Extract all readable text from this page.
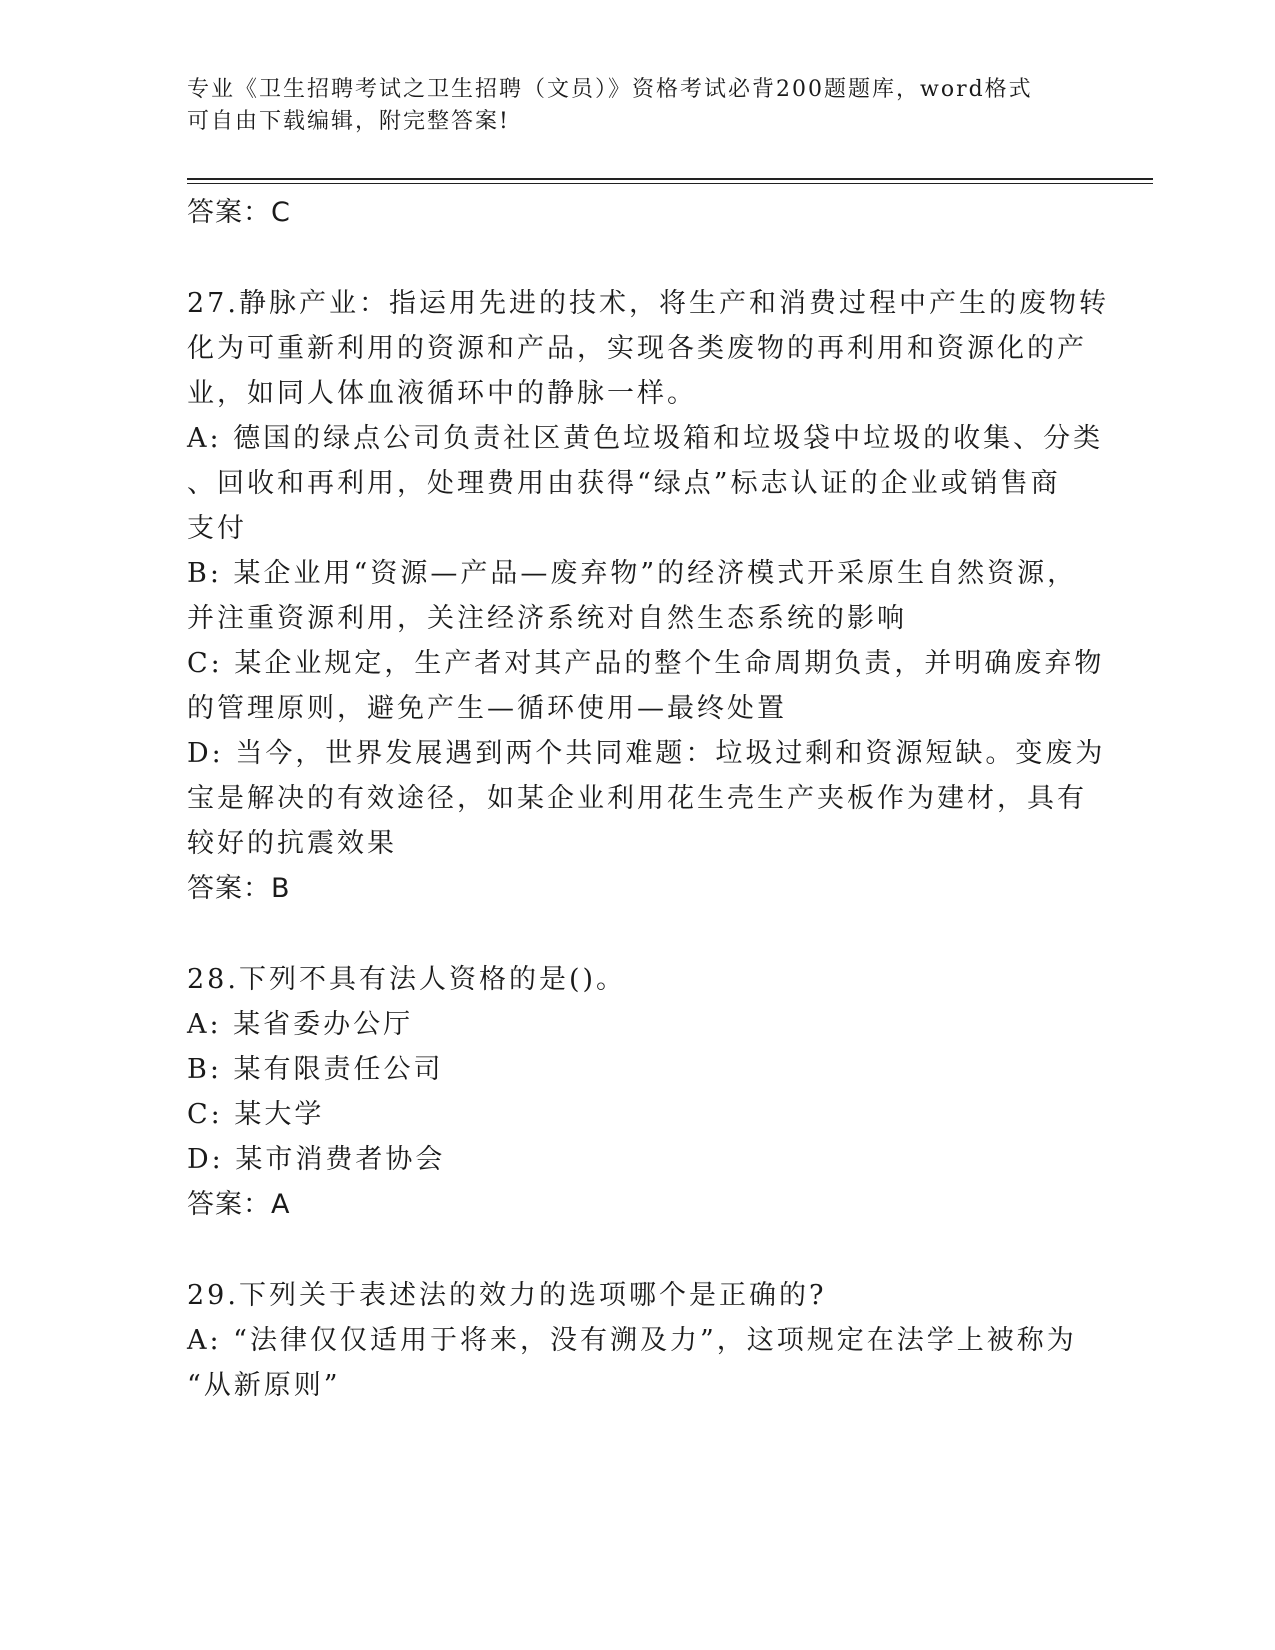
专业《卫生招聘考试之卫生招聘（文员）》资格考试必背200题题库，word格式
可自由下载编辑，附完整答案!
答案：C
27.静脉产业：指运用先进的技术，将生产和消费过程中产生的废物转
化为可重新利用的资源和产品，实现各类废物的再利用和资源化的产
业，如同人体血液循环中的静脉一样。
A: 德国的绿点公司负责社区黄色垃圾箱和垃圾袋中垃圾的收集、分类
、回收和再利用，处理费用由获得“绿点”标志认证的企业或销售商
支付
B: 某企业用“资源—产品—废弃物”的经济模式开采原生自然资源，
并注重资源利用，关注经济系统对自然生态系统的影响
C: 某企业规定，生产者对其产品的整个生命周期负责，并明确废弃物
的管理原则，避免产生—循环使用—最终处置
D: 当今，世界发展遇到两个共同难题：垃圾过剩和资源短缺。变废为
宝是解决的有效途径，如某企业利用花生壳生产夹板作为建材，具有
较好的抗震效果
答案：B
28.下列不具有法人资格的是()。
A: 某省委办公厅
B: 某有限责任公司
C: 某大学
D: 某市消费者协会
答案：A
29.下列关于表述法的效力的选项哪个是正确的?
A: “法律仅仅适用于将来，没有溯及力”，这项规定在法学上被称为
“从新原则”
